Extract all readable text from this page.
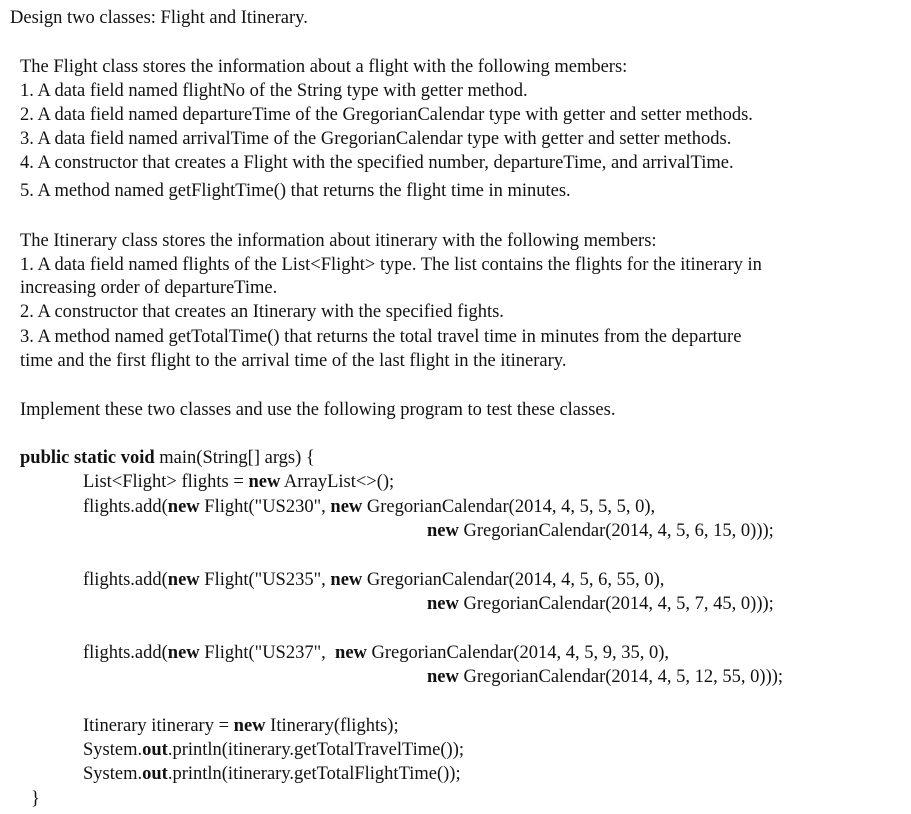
Design two classes: Flight and Itinerary.
The Flight class stores the information about a flight with the following members:
1. A data field named flightNo of the String type with getter method.
2. A data field named departureTime of the GregorianCalendar type with getter and setter methods.
3. A data field named arrivalTime of the GregorianCalendar type with getter and setter methods.
4. A constructor that creates a Flight with the specified number, departureTime, and arrivalTime.
5. A method named getFlightTime() that returns the flight time in minutes.
The Itinerary class stores the information about itinerary with the following members:
1. A data field named flights of the List<Flight> type. The list contains the flights for the itinerary in
increasing order of departureTime.
2. A constructor that creates an Itinerary with the specified fights.
3. A method named getTotalTime() that returns the total travel time in minutes from the departure
time and the first flight to the arrival time of the last flight in the itinerary.
Implement these two classes and use the following program to test these classes.
public static void main(String[] args) {
List<Flight> flights = new ArrayList<>();
flights.add(new Flight("US230", new GregorianCalendar(2014, 4, 5, 5, 5, 0),
new GregorianCalendar(2014, 4, 5, 6, 15, 0)));
flights.add(new Flight("US235", new GregorianCalendar(2014, 4, 5, 6, 55, 0),
new GregorianCalendar(2014, 4, 5, 7, 45, 0)));
flights.add(new Flight("US237",  new GregorianCalendar(2014, 4, 5, 9, 35, 0),
new GregorianCalendar(2014, 4, 5, 12, 55, 0)));
Itinerary itinerary = new Itinerary(flights);
System.out.println(itinerary.getTotalTravelTime());
System.out.println(itinerary.getTotalFlightTime());
}
